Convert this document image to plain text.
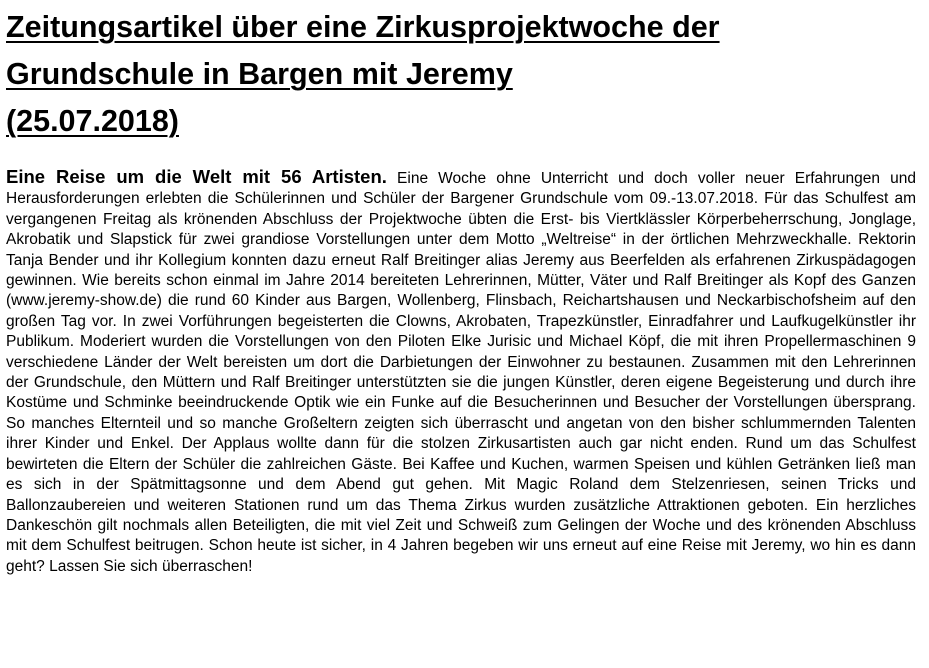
Zeitungsartikel über eine Zirkusprojektwoche der
Grundschule in Bargen mit Jeremy
(25.07.2018)

Eine Reise um die Welt mit 56 Artisten. Eine Woche ohne Unterricht und doch voller neuer Erfahrungen und Herausforderungen erlebten die Schülerinnen und Schüler der Bargener Grundschule vom 09.-13.07.2018. Für das Schulfest am vergangenen Freitag als krönenden Abschluss der Projektwoche übten die Erst- bis Viertklässler Körperbeherrschung, Jonglage, Akrobatik und Slapstick für zwei grandiose Vorstellungen unter dem Motto „Weltreise“ in der örtlichen Mehrzweckhalle. Rektorin Tanja Bender und ihr Kollegium konnten dazu erneut Ralf Breitinger alias Jeremy aus Beerfelden als erfahrenen Zirkuspädagogen gewinnen. Wie bereits schon einmal im Jahre 2014 bereiteten Lehrerinnen, Mütter, Väter und Ralf Breitinger als Kopf des Ganzen (www.jeremy-show.de) die rund 60 Kinder aus Bargen, Wollenberg, Flinsbach, Reichartshausen und Neckarbischofsheim auf den großen Tag vor. In zwei Vorführungen begeisterten die Clowns, Akrobaten, Trapezkünstler, Einradfahrer und Laufkugelkünstler ihr Publikum. Moderiert wurden die Vorstellungen von den Piloten Elke Jurisic und Michael Köpf, die mit ihren Propellermaschinen 9 verschiedene Länder der Welt bereisten um dort die Darbietungen der Einwohner zu bestaunen. Zusammen mit den Lehrerinnen der Grundschule, den Müttern und Ralf Breitinger unterstützten sie die jungen Künstler, deren eigene Begeisterung und durch ihre Kostüme und Schminke beeindruckende Optik wie ein Funke auf die Besucherinnen und Besucher der Vorstellungen übersprang. So manches Elternteil und so manche Großeltern zeigten sich überrascht und angetan von den bisher schlummernden Talenten ihrer Kinder und Enkel. Der Applaus wollte dann für die stolzen Zirkusartisten auch gar nicht enden. Rund um das Schulfest bewirteten die Eltern der Schüler die zahlreichen Gäste. Bei Kaffee und Kuchen, warmen Speisen und kühlen Getränken ließ man es sich in der Spätmittagsonne und dem Abend gut gehen. Mit Magic Roland dem Stelzenriesen, seinen Tricks und Ballonzaubereien und weiteren Stationen rund um das Thema Zirkus wurden zusätzliche Attraktionen geboten. Ein herzliches Dankeschön gilt nochmals allen Beteiligten, die mit viel Zeit und Schweiß zum Gelingen der Woche und des krönenden Abschluss mit dem Schulfest beitrugen. Schon heute ist sicher, in 4 Jahren begeben wir uns erneut auf eine Reise mit Jeremy, wo hin es dann geht? Lassen Sie sich überraschen!
